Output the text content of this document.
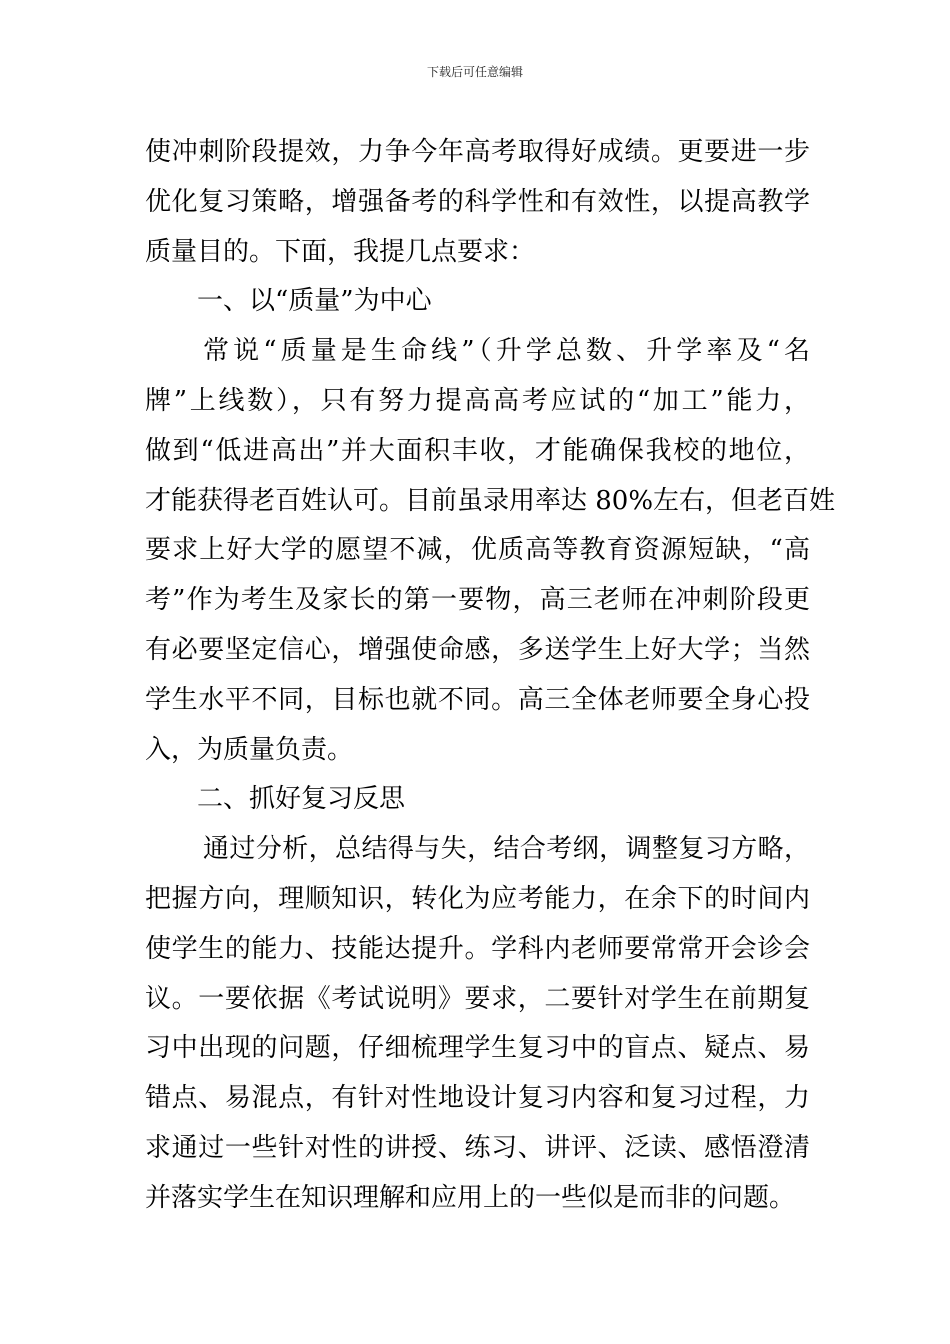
下载后可任意编辑
使冲刺阶段提效，力争今年高考取得好成绩。更要进一步
优化复习策略，增强备考的科学性和有效性，以提高教学
质量目的。下面，我提几点要求：
一、以“质量”为中心
常说“质量是生命线”（升学总数、升学率及“名
牌”上线数），只有努力提高高考应试的“加工”能力，
做到“低进高出”并大面积丰收，才能确保我校的地位，
才能获得老百姓认可。目前虽录用率达 80%左右，但老百姓
要求上好大学的愿望不减，优质高等教育资源短缺，“高
考”作为考生及家长的第一要物，高三老师在冲刺阶段更
有必要坚定信心，增强使命感，多送学生上好大学；当然
学生水平不同，目标也就不同。高三全体老师要全身心投
入，为质量负责。
二、抓好复习反思
通过分析，总结得与失，结合考纲，调整复习方略，
把握方向，理顺知识，转化为应考能力，在余下的时间内
使学生的能力、技能达提升。学科内老师要常常开会诊会
议。一要依据《考试说明》要求，二要针对学生在前期复
习中出现的问题，仔细梳理学生复习中的盲点、疑点、易
错点、易混点，有针对性地设计复习内容和复习过程，力
求通过一些针对性的讲授、练习、讲评、泛读、感悟澄清
并落实学生在知识理解和应用上的一些似是而非的问题。
